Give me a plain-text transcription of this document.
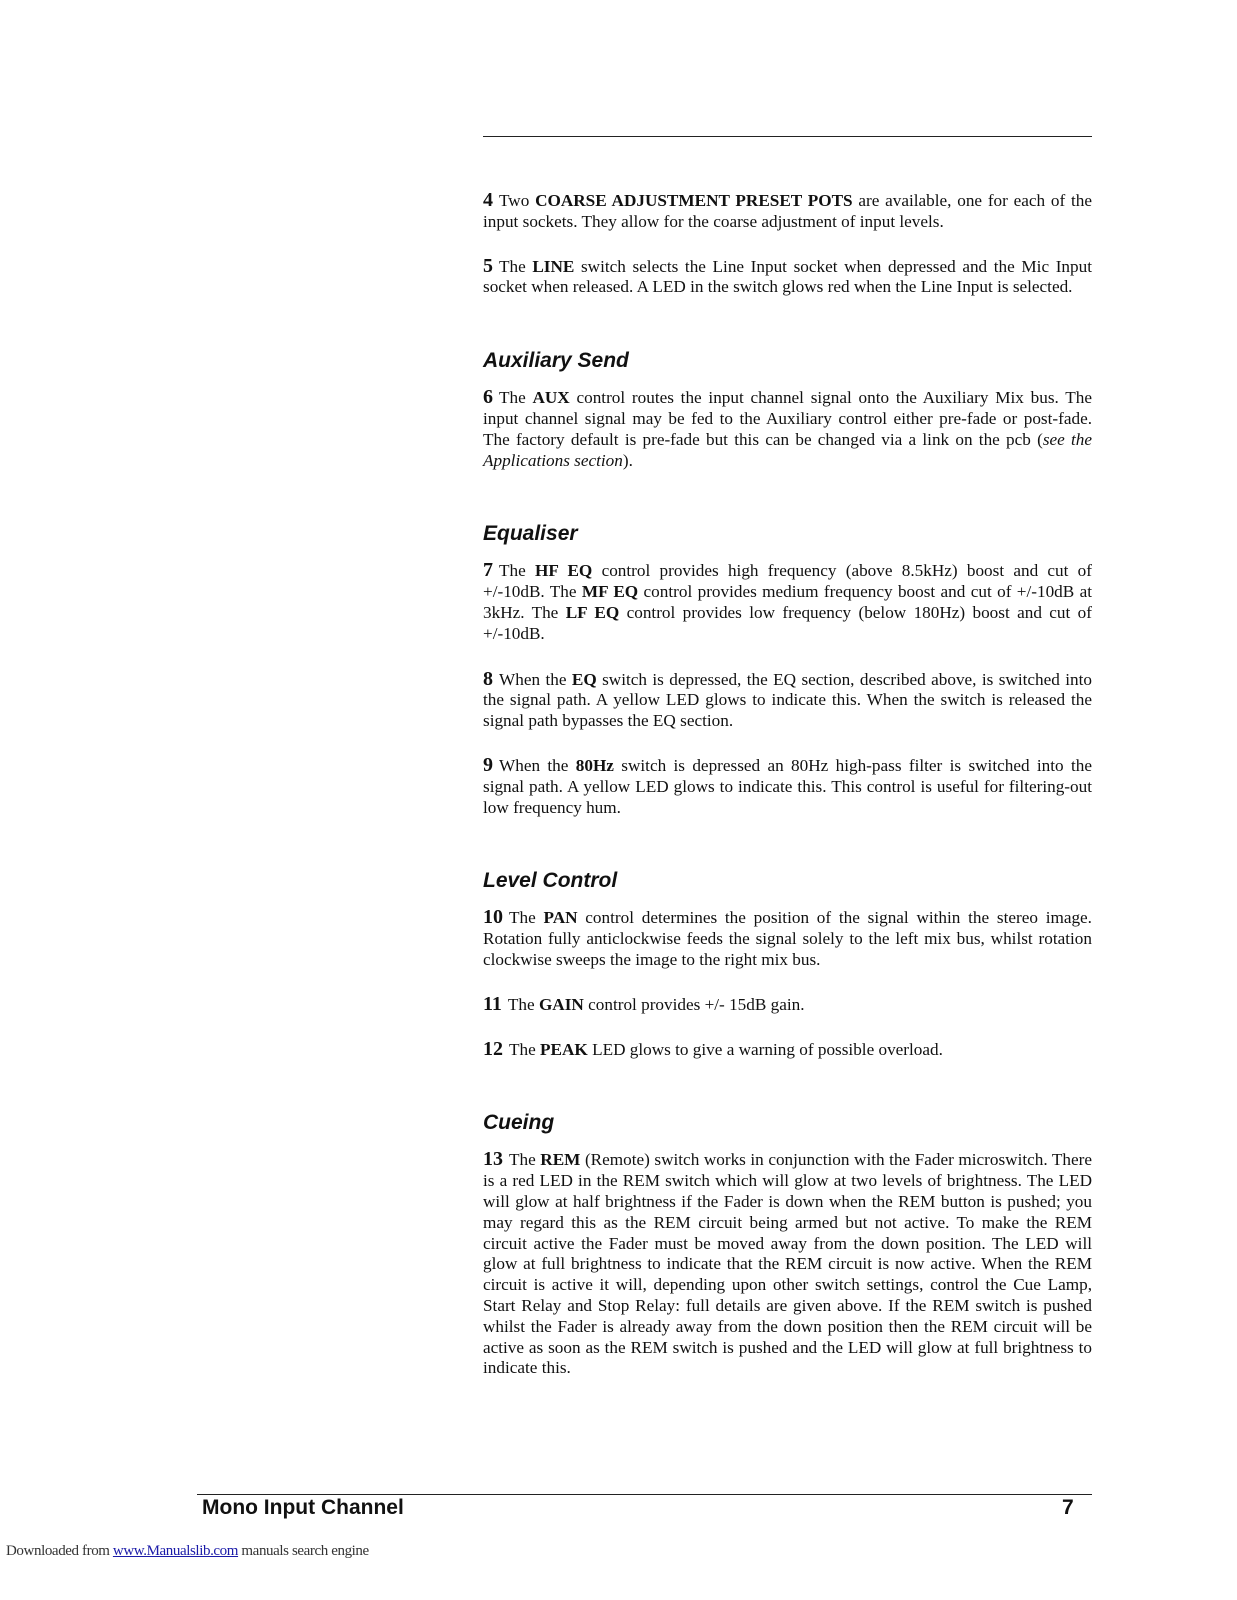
4 Two COARSE ADJUSTMENT PRESET POTS are available, one for each of the input sockets. They allow for the coarse adjustment of input levels.

5 The LINE switch selects the Line Input socket when depressed and the Mic Input socket when released. A LED in the switch glows red when the Line Input is selected.

Auxiliary Send

6 The AUX control routes the input channel signal onto the Auxiliary Mix bus. The input channel signal may be fed to the Auxiliary control either pre-fade or post-fade. The factory default is pre-fade but this can be changed via a link on the pcb (see the Applications section).

Equaliser

7 The HF EQ control provides high frequency (above 8.5kHz) boost and cut of +/-10dB. The MF EQ control provides medium frequency boost and cut of +/-10dB at 3kHz. The LF EQ control provides low frequency (below 180Hz) boost and cut of +/-10dB.

8 When the EQ switch is depressed, the EQ section, described above, is switched into the signal path. A yellow LED glows to indicate this. When the switch is released the signal path bypasses the EQ section.

9 When the 80Hz switch is depressed an 80Hz high-pass filter is switched into the signal path. A yellow LED glows to indicate this. This control is useful for filtering-out low frequency hum.

Level Control

10 The PAN control determines the position of the signal within the stereo image. Rotation fully anticlockwise feeds the signal solely to the left mix bus, whilst rotation clockwise sweeps the image to the right mix bus.

11 The GAIN control provides +/- 15dB gain.

12 The PEAK LED glows to give a warning of possible overload.

Cueing

13 The REM (Remote) switch works in conjunction with the Fader microswitch. There is a red LED in the REM switch which will glow at two levels of brightness. The LED will glow at half brightness if the Fader is down when the REM button is pushed; you may regard this as the REM circuit being armed but not active. To make the REM circuit active the Fader must be moved away from the down position. The LED will glow at full brightness to indicate that the REM circuit is now active. When the REM circuit is active it will, depending upon other switch settings, control the Cue Lamp, Start Relay and Stop Relay: full details are given above. If the REM switch is pushed whilst the Fader is already away from the down position then the REM circuit will be active as soon as the REM switch is pushed and the LED will glow at full brightness to indicate this.

Mono Input Channel	7
Downloaded from www.Manualslib.com manuals search engine
